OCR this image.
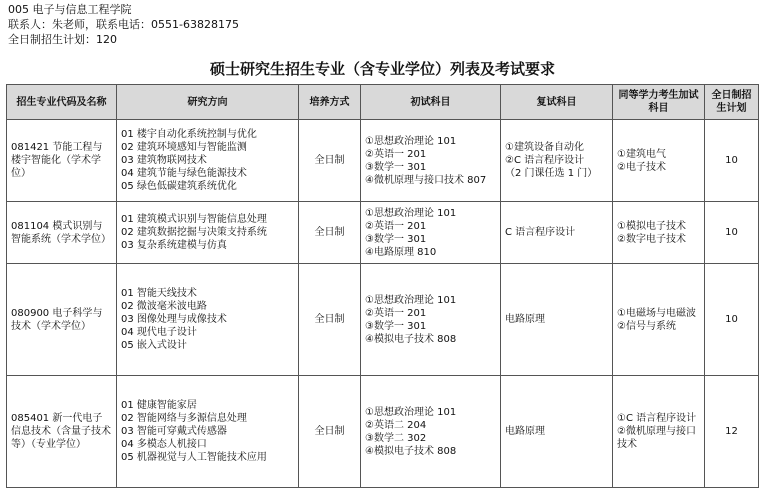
005 电子与信息工程学院
联系人：朱老师，联系电话：0551-63828175
全日制招生计划：120
硕士研究生招生专业（含专业学位）列表及考试要求
招生专业代码及名称	研究方向	培养方式	初试科目	复试科目	同等学力考生加试科目	全日制招生计划
081421 节能工程与楼宇智能化（学术学位）	01 楼宇自动化系统控制与优化
02 建筑环境感知与智能监测
03 建筑物联网技术
04 建筑节能与绿色能源技术
05 绿色低碳建筑系统优化	全日制	①思想政治理论 101
②英语一 201
③数学一 301
④微机原理与接口技术 807	①建筑设备自动化
②C 语言程序设计
（2 门课任选 1 门）	①建筑电气
②电子技术	10
081104 模式识别与智能系统（学术学位）	01 建筑模式识别与智能信息处理
02 建筑数据挖掘与决策支持系统
03 复杂系统建模与仿真	全日制	①思想政治理论 101
②英语一 201
③数学一 301
④电路原理 810	C 语言程序设计	①模拟电子技术
②数字电子技术	10
080900 电子科学与技术（学术学位）	01 智能天线技术
02 微波毫米波电路
03 图像处理与成像技术
04 现代电子设计
05 嵌入式设计	全日制	①思想政治理论 101
②英语一 201
③数学一 301
④模拟电子技术 808	电路原理	①电磁场与电磁波
②信号与系统	10
085401 新一代电子信息技术（含量子技术等）（专业学位）	01 健康智能家居
02 智能网络与多源信息处理
03 智能可穿戴式传感器
04 多模态人机接口
05 机器视觉与人工智能技术应用	全日制	①思想政治理论 101
②英语二 204
③数学二 302
④模拟电子技术 808	电路原理	①C 语言程序设计
②微机原理与接口技术	12
